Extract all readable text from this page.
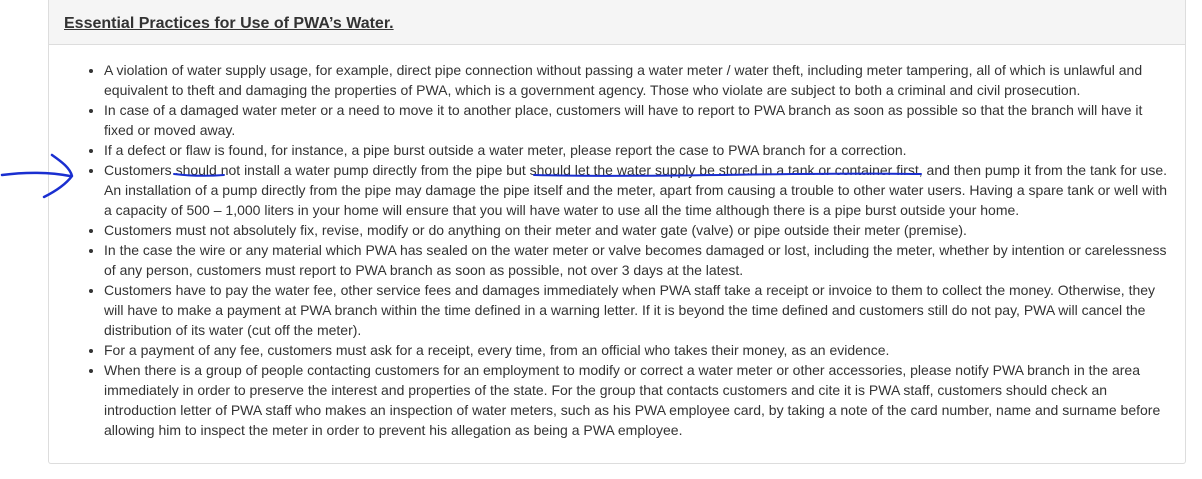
Essential Practices for Use of PWA’s Water.
• A violation of water supply usage, for example, direct pipe connection without passing a water meter / water theft, including meter tampering, all of which is unlawful and equivalent to theft and damaging the properties of PWA, which is a government agency. Those who violate are subject to both a criminal and civil prosecution.
• In case of a damaged water meter or a need to move it to another place, customers will have to report to PWA branch as soon as possible so that the branch will have it fixed or moved away.
• If a defect or flaw is found, for instance, a pipe burst outside a water meter, please report the case to PWA branch for a correction.
• Customers should not install a water pump directly from the pipe but should let the water supply be stored in a tank or container first, and then pump it from the tank for use. An installation of a pump directly from the pipe may damage the pipe itself and the meter, apart from causing a trouble to other water users. Having a spare tank or well with a capacity of 500 – 1,000 liters in your home will ensure that you will have water to use all the time although there is a pipe burst outside your home.
• Customers must not absolutely fix, revise, modify or do anything on their meter and water gate (valve) or pipe outside their meter (premise).
• In the case the wire or any material which PWA has sealed on the water meter or valve becomes damaged or lost, including the meter, whether by intention or carelessness of any person, customers must report to PWA branch as soon as possible, not over 3 days at the latest.
• Customers have to pay the water fee, other service fees and damages immediately when PWA staff take a receipt or invoice to them to collect the money. Otherwise, they will have to make a payment at PWA branch within the time defined in a warning letter. If it is beyond the time defined and customers still do not pay, PWA will cancel the distribution of its water (cut off the meter).
• For a payment of any fee, customers must ask for a receipt, every time, from an official who takes their money, as an evidence.
• When there is a group of people contacting customers for an employment to modify or correct a water meter or other accessories, please notify PWA branch in the area immediately in order to preserve the interest and properties of the state. For the group that contacts customers and cite it is PWA staff, customers should check an introduction letter of PWA staff who makes an inspection of water meters, such as his PWA employee card, by taking a note of the card number, name and surname before allowing him to inspect the meter in order to prevent his allegation as being a PWA employee.
